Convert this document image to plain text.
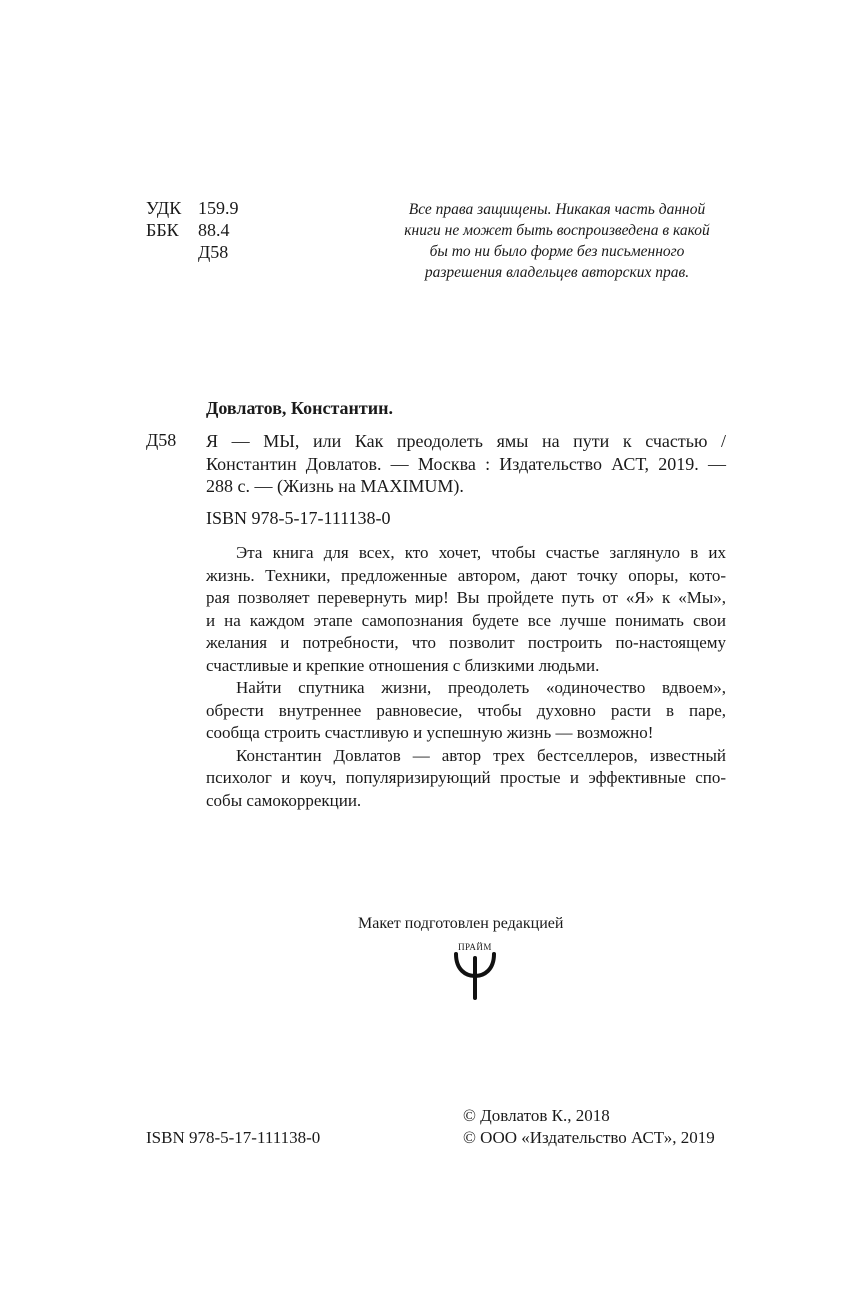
УДК 159.9
ББК	88.4
Д58
Все права защищены. Никакая часть данной
книги не может быть воспроизведена в какой
бы то ни было форме без письменного
разрешения владельцев авторских прав.
Довлатов, Константин.
Д58 Я — МЫ, или Как преодолеть ямы на пути к счастью /
Константин Довлатов. — Москва : Издательство АСТ, 2019. —
288 с. — (Жизнь на MAXIMUM).
ISBN 978-5-17-111138-0
Эта книга для всех, кто хочет, чтобы счастье заглянуло в их
жизнь. Техники, предложенные автором, дают точку опоры, кото-
рая позволяет перевернуть мир! Вы пройдете путь от «Я» к «Мы»,
и на каждом этапе самопознания будете все лучше понимать свои
желания и потребности, что позволит построить по-настоящему
счастливые и крепкие отношения с близкими людьми.
Найти спутника жизни, преодолеть «одиночество вдвоем»,
обрести внутреннее равновесие, чтобы духовно расти в паре,
сообща строить счастливую и успешную жизнь — возможно!
Константин Довлатов — автор трех бестселлеров, известный
психолог и коуч, популяризирующий простые и эффективные спо-
собы самокоррекции.
Макет подготовлен редакцией
ПРАЙМ
ISBN 978-5-17-111138-0
© Довлатов К., 2018
© ООО «Издательство АСТ», 2019
